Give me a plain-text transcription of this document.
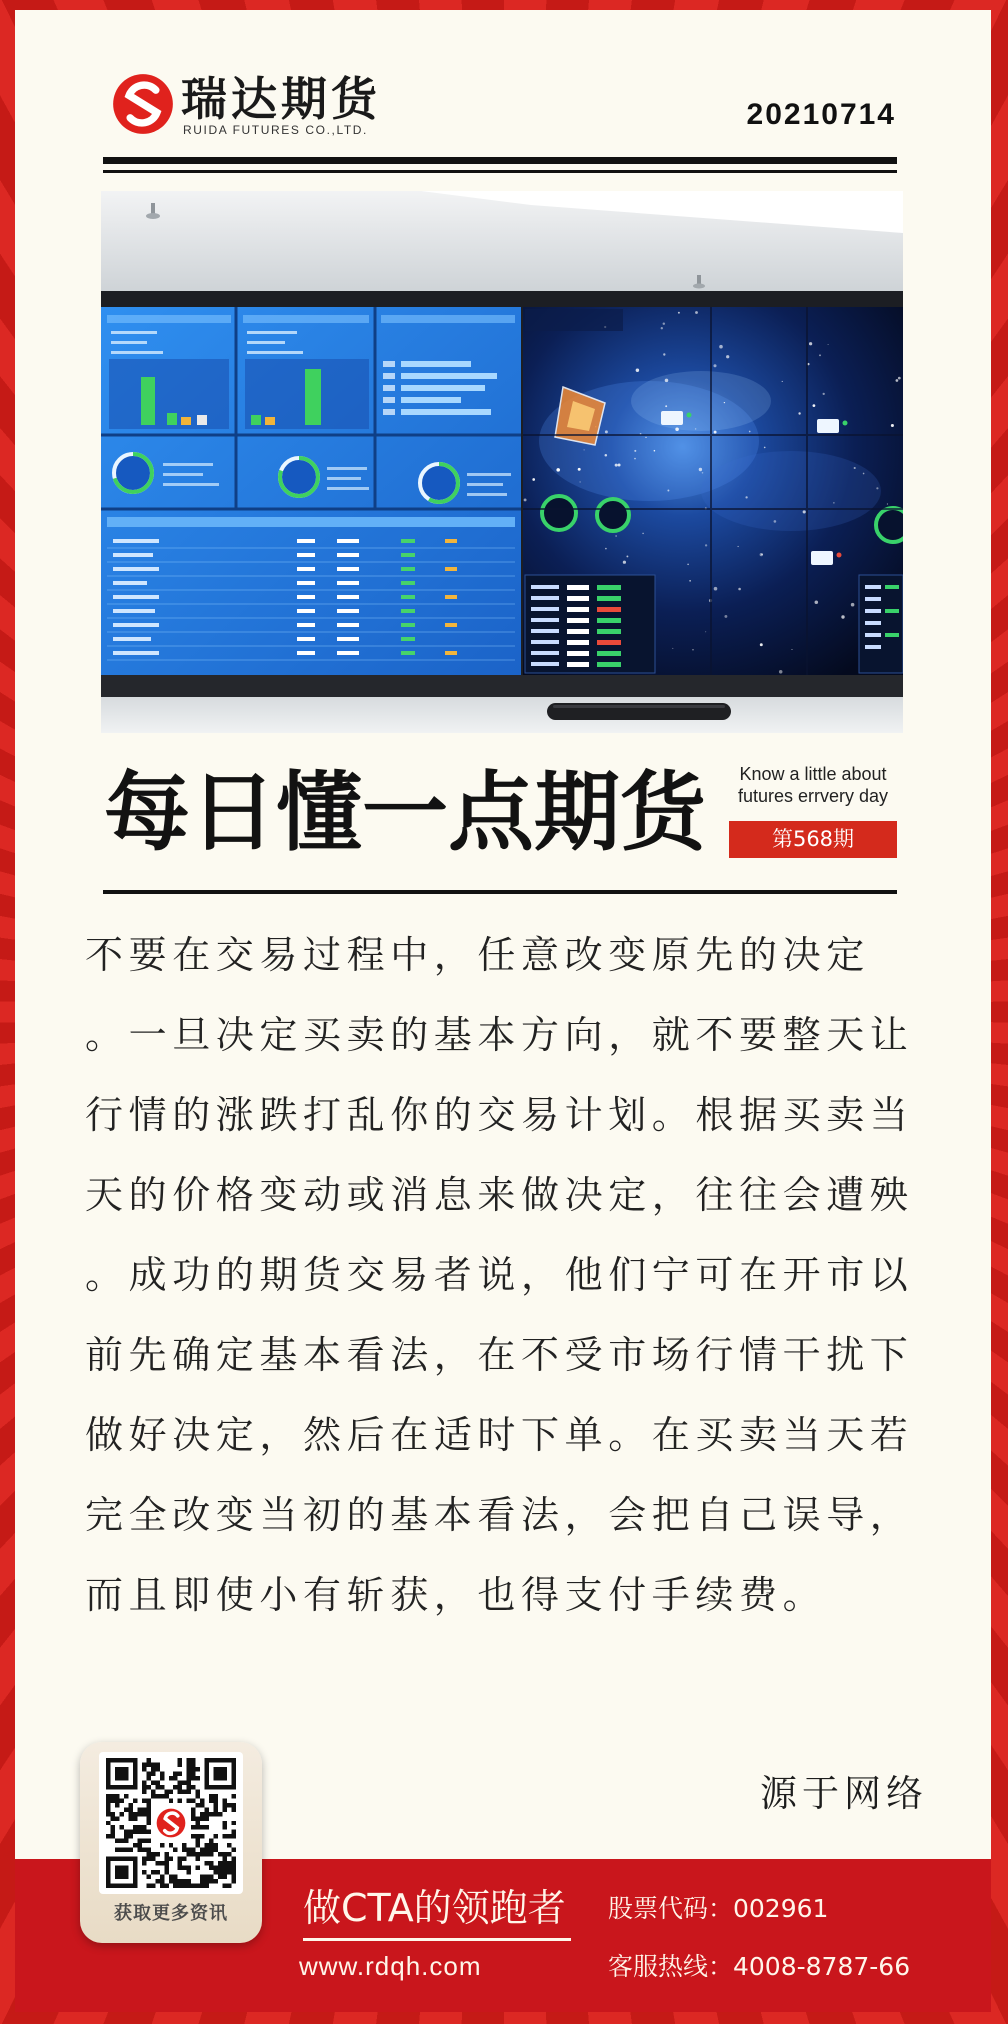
瑞达期货
RUIDA FUTURES CO.,LTD.	20210714
每日懂一点期货	Know a little about
futures errvery day
第568期
不要在交易过程中，任意改变原先的决定
。一旦决定买卖的基本方向，就不要整天让
行情的涨跌打乱你的交易计划。根据买卖当
天的价格变动或消息来做决定，往往会遭殃
。成功的期货交易者说，他们宁可在开市以
前先确定基本看法，在不受市场行情干扰下
做好决定，然后在适时下单。在买卖当天若
完全改变当初的基本看法，会把自己误导，
而且即使小有斩获，也得支付手续费。
源于网络
获取更多资讯	做CTA的领跑者
www.rdqh.com
股票代码：002961
客服热线：4008-8787-66
